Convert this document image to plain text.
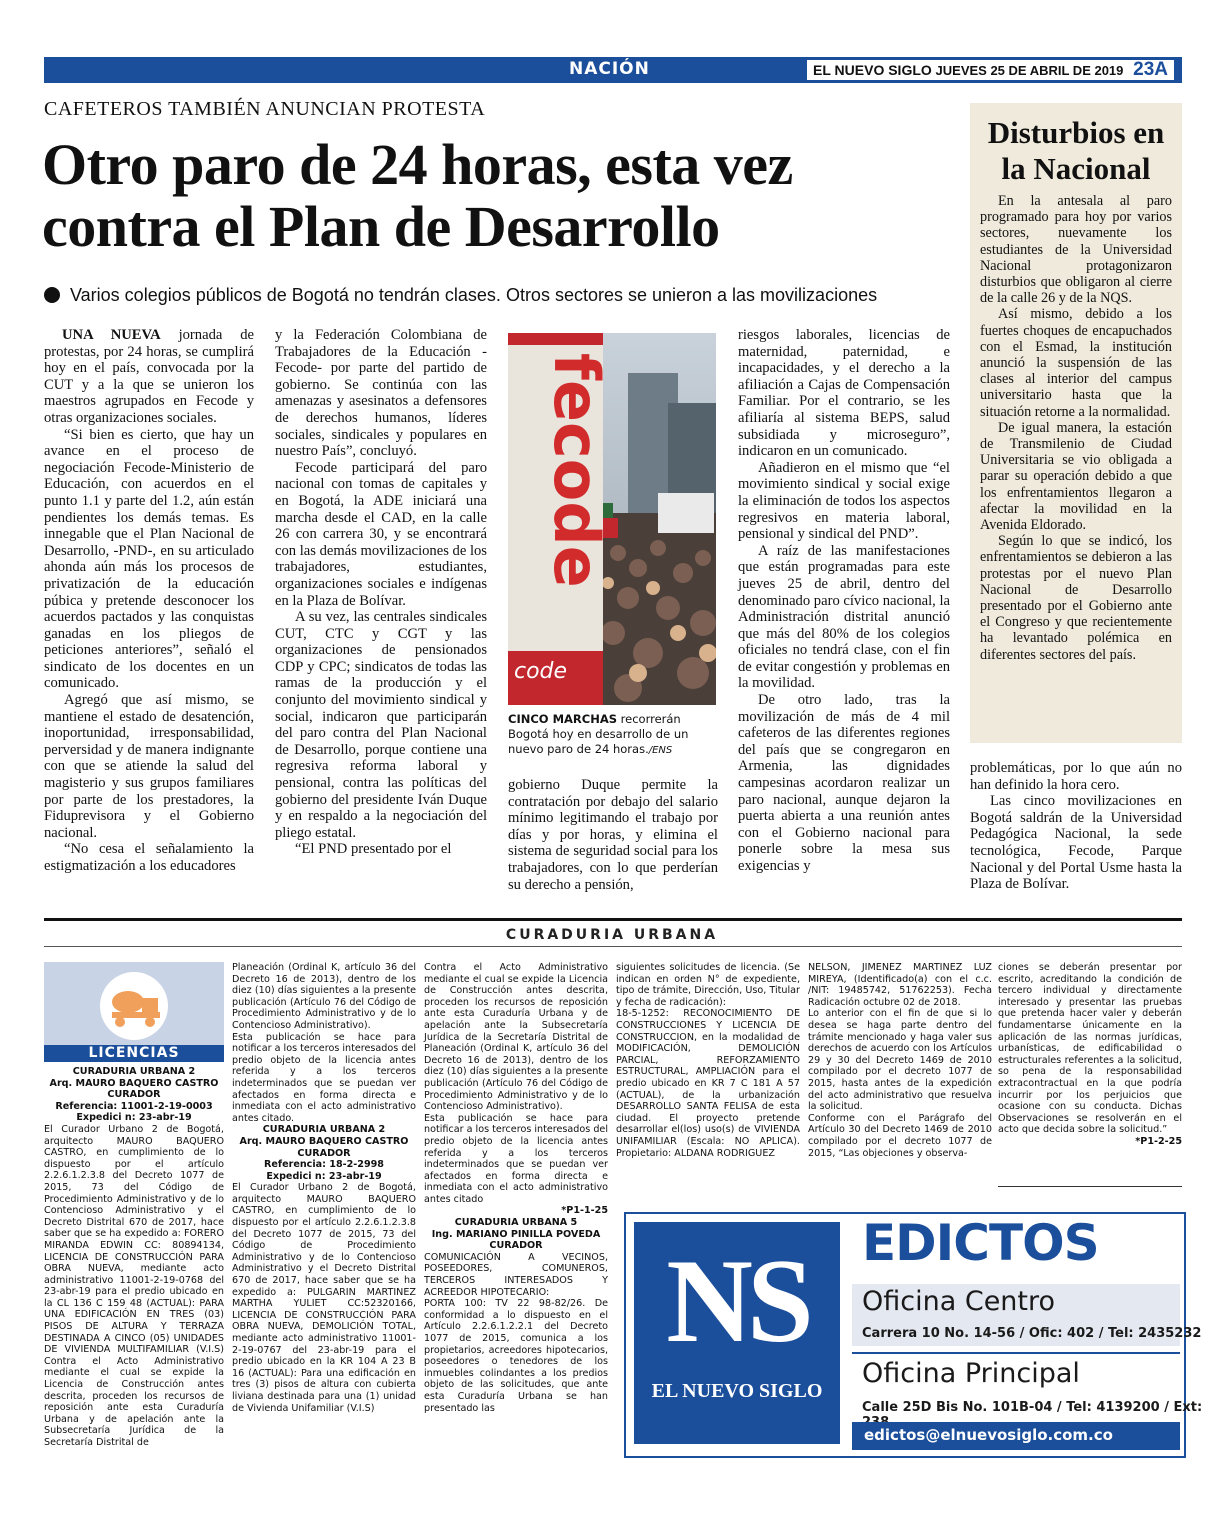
NACIÓN	EL NUEVO SIGLO JUEVES 25 DE ABRIL DE 2019 23A
CAFETEROS TAMBIÉN ANUNCIAN PROTESTA
Otro paro de 24 horas, esta vez
contra el Plan de Desarrollo
Varios colegios públicos de Bogotá no tendrán clases. Otros sectores se unieron a las movilizaciones

UNA NUEVA jornada de protestas, por 24 horas, se cumplirá hoy en el país, convocada por la CUT y a la que se unieron los maestros agrupados en Fecode y otras organizaciones sociales.

“Si bien es cierto, que hay un avance en el proceso de negociación Fecode-Ministerio de Educación, con acuerdos en el punto 1.1 y parte del 1.2, aún están pendientes los demás temas. Es innegable que el Plan Nacional de Desarrollo, -PND-, en su articulado ahonda aún más los procesos de privatización de la educación púbica y pretende desconocer los acuerdos pactados y las conquistas ganadas en los pliegos de peticiones anteriores”, señaló el sindicato de los docentes en un comunicado.

Agregó que así mismo, se mantiene el estado de desatención, inoportunidad, irresponsabilidad, perversidad y de manera indignante con que se atiende la salud del magisterio y sus grupos familiares por parte de los prestadores, la Fiduprevisora y el Gobierno nacional.

“No cesa el señalamiento la estigmatización a los educadores

y la Federación Colombiana de Trabajadores de la Educación -Fecode- por parte del partido de gobierno. Se continúa con las amenazas y asesinatos a defensores de derechos humanos, líderes sociales, sindicales y populares en nuestro País”, concluyó.

Fecode participará del paro nacional con tomas de capitales y en Bogotá, la ADE iniciará una marcha desde el CAD, en la calle 26 con carrera 30, y se encontrará con las demás movilizaciones de los trabajadores, estudiantes, organizaciones sociales e indígenas en la Plaza de Bolívar.

A su vez, las centrales sindicales CUT, CTC y CGT y las organizaciones de pensionados CDP y CPC; sindicatos de todas las ramas de la producción y el conjunto del movimiento sindical y social, indicaron que participarán del paro contra del Plan Nacional de Desarrollo, porque contiene una regresiva reforma laboral y pensional, contra las políticas del gobierno del presidente Iván Duque y en respaldo a la negociación del pliego estatal.

“El PND presentado por el

gobierno Duque permite la contratación por debajo del salario mínimo legitimando el trabajo por días y por horas, y elimina el sistema de seguridad social para los trabajadores, con lo que perderían su derecho a pensión,

riesgos laborales, licencias de maternidad, paternidad, e incapacidades, y el derecho a la afiliación a Cajas de Compensación Familiar. Por el contrario, se les afiliaría al sistema BEPS, salud subsidiada y microseguro”, indicaron en un comunicado.

Añadieron en el mismo que “el movimiento sindical y social exige la eliminación de todos los aspectos regresivos en materia laboral, pensional y sindical del PND”.

A raíz de las manifestaciones que están programadas para este jueves 25 de abril, dentro del denominado paro cívico nacional, la Administración distrital anunció que más del 80% de los colegios oficiales no tendrá clase, con el fin de evitar congestión y problemas en la movilidad.

De otro lado, tras la movilización de más de 4 mil cafeteros de las diferentes regiones del país que se congregaron en Armenia, las dignidades campesinas acordaron realizar un paro nacional, aunque dejaron la puerta abierta a una reunión antes con el Gobierno nacional para ponerle sobre la mesa sus exigencias y

problemáticas, por lo que aún no han definido la hora cero.

Las cinco movilizaciones en Bogotá saldrán de la Universidad Pedagógica Nacional, la sede tecnológica, Fecode, Parque Nacional y del Portal Usme hasta la Plaza de Bolívar.

fecode
code
CINCO MARCHAS recorrerán Bogotá hoy en desarrollo de un nuevo paro de 24 horas./ENS
Disturbios en
la Nacional

En la antesala al paro programado para hoy por varios sectores, nuevamente los estudiantes de la Universidad Nacional protagonizaron disturbios que obligaron al cierre de la calle 26 y de la NQS.

Así mismo, debido a los fuertes choques de encapuchados con el Esmad, la institución anunció la suspensión de las clases al interior del campus universitario hasta que la situación retorne a la normalidad.

De igual manera, la estación de Transmilenio de Ciudad Universitaria se vio obligada a parar su operación debido a que los enfrentamientos llegaron a afectar la movilidad en la Avenida Eldorado.

Según lo que se indicó, los enfrentamientos se debieron a las protestas por el nuevo Plan Nacional de Desarrollo presentado por el Gobierno ante el Congreso y que recientemente ha levantado polémica en diferentes sectores del país.

CURADURIA URBANA
LICENCIAS

CURADURIA URBANA 2

Arq. MAURO BAQUERO CASTRO

CURADOR

Referencia: 11001-2-19-0003

Expedici n: 23-abr-19

El Curador Urbano 2 de Bogotá, arquitecto MAURO BAQUERO CASTRO, en cumplimiento de lo dispuesto por el artículo 2.2.6.1.2.3.8 del Decreto 1077 de 2015, 73 del Código de Procedimiento Administrativo y de lo Contencioso Administrativo y el Decreto Distrital 670 de 2017, hace saber que se ha expedido a: FORERO MIRANDA EDWIN CC: 80894134, LICENCIA DE CONSTRUCCIÓN PARA OBRA NUEVA, mediante acto administrativo 11001-2-19-0768 del 23-abr-19 para el predio ubicado en la CL 136 C 159 48 (ACTUAL): PARA UNA EDIFICACIÓN EN TRES (03) PISOS DE ALTURA Y TERRAZA DESTINADA A CINCO (05) UNIDADES DE VIVIENDA MULTIFAMILIAR (V.I.S) Contra el Acto Administrativo mediante el cual se expide la Licencia de Construcción antes descrita, proceden los recursos de reposición ante esta Curaduría Urbana y de apelación ante la Subsecretaría Jurídica de la Secretaría Distrital de

Planeación (Ordinal K, artículo 36 del Decreto 16 de 2013), dentro de los diez (10) días siguientes a la presente publicación (Artículo 76 del Código de Procedimiento Administrativo y de lo Contencioso Administrativo).

Esta publicación se hace para notificar a los terceros interesados del predio objeto de la licencia antes referida y a los terceros indeterminados que se puedan ver afectados en forma directa e inmediata con el acto administrativo antes citado.

CURADURIA URBANA 2

Arq. MAURO BAQUERO CASTRO

CURADOR

Referencia: 18-2-2998

Expedici n: 23-abr-19

El Curador Urbano 2 de Bogotá, arquitecto MAURO BAQUERO CASTRO, en cumplimiento de lo dispuesto por el artículo 2.2.6.1.2.3.8 del Decreto 1077 de 2015, 73 del Código de Procedimiento Administrativo y de lo Contencioso Administrativo y el Decreto Distrital 670 de 2017, hace saber que se ha expedido a: PULGARIN MARTINEZ MARTHA YULIET CC:52320166, LICENCIA DE CONSTRUCCIÓN PARA OBRA NUEVA, DEMOLICIÓN TOTAL, mediante acto administrativo 11001-2-19-0767 del 23-abr-19 para el predio ubicado en la KR 104 A 23 B 16 (ACTUAL): Para una edificación en tres (3) pisos de altura con cubierta liviana destinada para una (1) unidad de Vivienda Unifamiliar (V.I.S)

Contra el Acto Administrativo mediante el cual se expide la Licencia de Construcción antes descrita, proceden los recursos de reposición ante esta Curaduría Urbana y de apelación ante la Subsecretaría Jurídica de la Secretaría Distrital de Planeación (Ordinal K, artículo 36 del Decreto 16 de 2013), dentro de los diez (10) días siguientes a la presente publicación (Artículo 76 del Código de Procedimiento Administrativo y de lo Contencioso Administrativo).

Esta publicación se hace para notificar a los terceros interesados del predio objeto de la licencia antes referida y a los terceros indeterminados que se puedan ver afectados en forma directa e inmediata con el acto administrativo antes citado

*P1-1-25

CURADURIA URBANA 5

Ing. MARIANO PINILLA POVEDA

CURADOR

COMUNICACIÓN A VECINOS, POSEEDORES, COMUNEROS, TERCEROS INTERESADOS Y ACREEDOR HIPOTECARIO:

PORTA 100: TV 22 98-82/26. De conformidad a lo dispuesto en el Artículo 2.2.6.1.2.2.1 del Decreto 1077 de 2015, comunica a los propietarios, acreedores hipotecarios, poseedores o tenedores de los inmuebles colindantes a los predios objeto de las solicitudes, que ante esta Curaduría Urbana se han presentado las

siguientes solicitudes de licencia. (Se indican en orden N° de expediente, tipo de trámite, Dirección, Uso, Titular y fecha de radicación):

18-5-1252: RECONOCIMIENTO DE CONSTRUCCIONES Y LICENCIA DE CONSTRUCCION, en la modalidad de MODIFICACIÓN, DEMOLICIÓN PARCIAL, REFORZAMIENTO ESTRUCTURAL, AMPLIACIÓN para el predio ubicado en KR 7 C 181 A 57 (ACTUAL), de la urbanización DESARROLLO SANTA FELISA de esta ciudad. El proyecto pretende desarrollar el(los) uso(s) de VIVIENDA UNIFAMILIAR (Escala: NO APLICA). Propietario: ALDANA RODRIGUEZ

NELSON, JIMENEZ MARTINEZ LUZ MIREYA, (Identificado(a) con el c.c. /NIT: 19485742, 51762253). Fecha Radicación octubre 02 de 2018.

Lo anterior con el fin de que si lo desea se haga parte dentro del trámite mencionado y haga valer sus derechos de acuerdo con los Artículos 29 y 30 del Decreto 1469 de 2010 compilado por el decreto 1077 de 2015, hasta antes de la expedición del acto administrativo que resuelva la solicitud.

Conforme con el Parágrafo del Artículo 30 del Decreto 1469 de 2010 compilado por el decreto 1077 de 2015, “Las objeciones y observa-

ciones se deberán presentar por escrito, acreditando la condición de tercero individual y directamente interesado y presentar las pruebas que pretenda hacer valer y deberán fundamentarse únicamente en la aplicación de las normas jurídicas, urbanísticas, de edificabilidad o estructurales referentes a la solicitud, so pena de la responsabilidad extracontractual en la que podría incurrir por los perjuicios que ocasione con su conducta. Dichas Observaciones se resolverán en el acto que decida sobre la solicitud.”

*P1-2-25

NS
EL NUEVO SIGLO
EDICTOS
Oficina Centro
Carrera 10 No. 14-56 / Ofic: 402 / Tel: 2435232
Oficina Principal
Calle 25D Bis No. 101B-04 / Tel: 4139200 / Ext:
edictos@elnuevosiglo.com.co
